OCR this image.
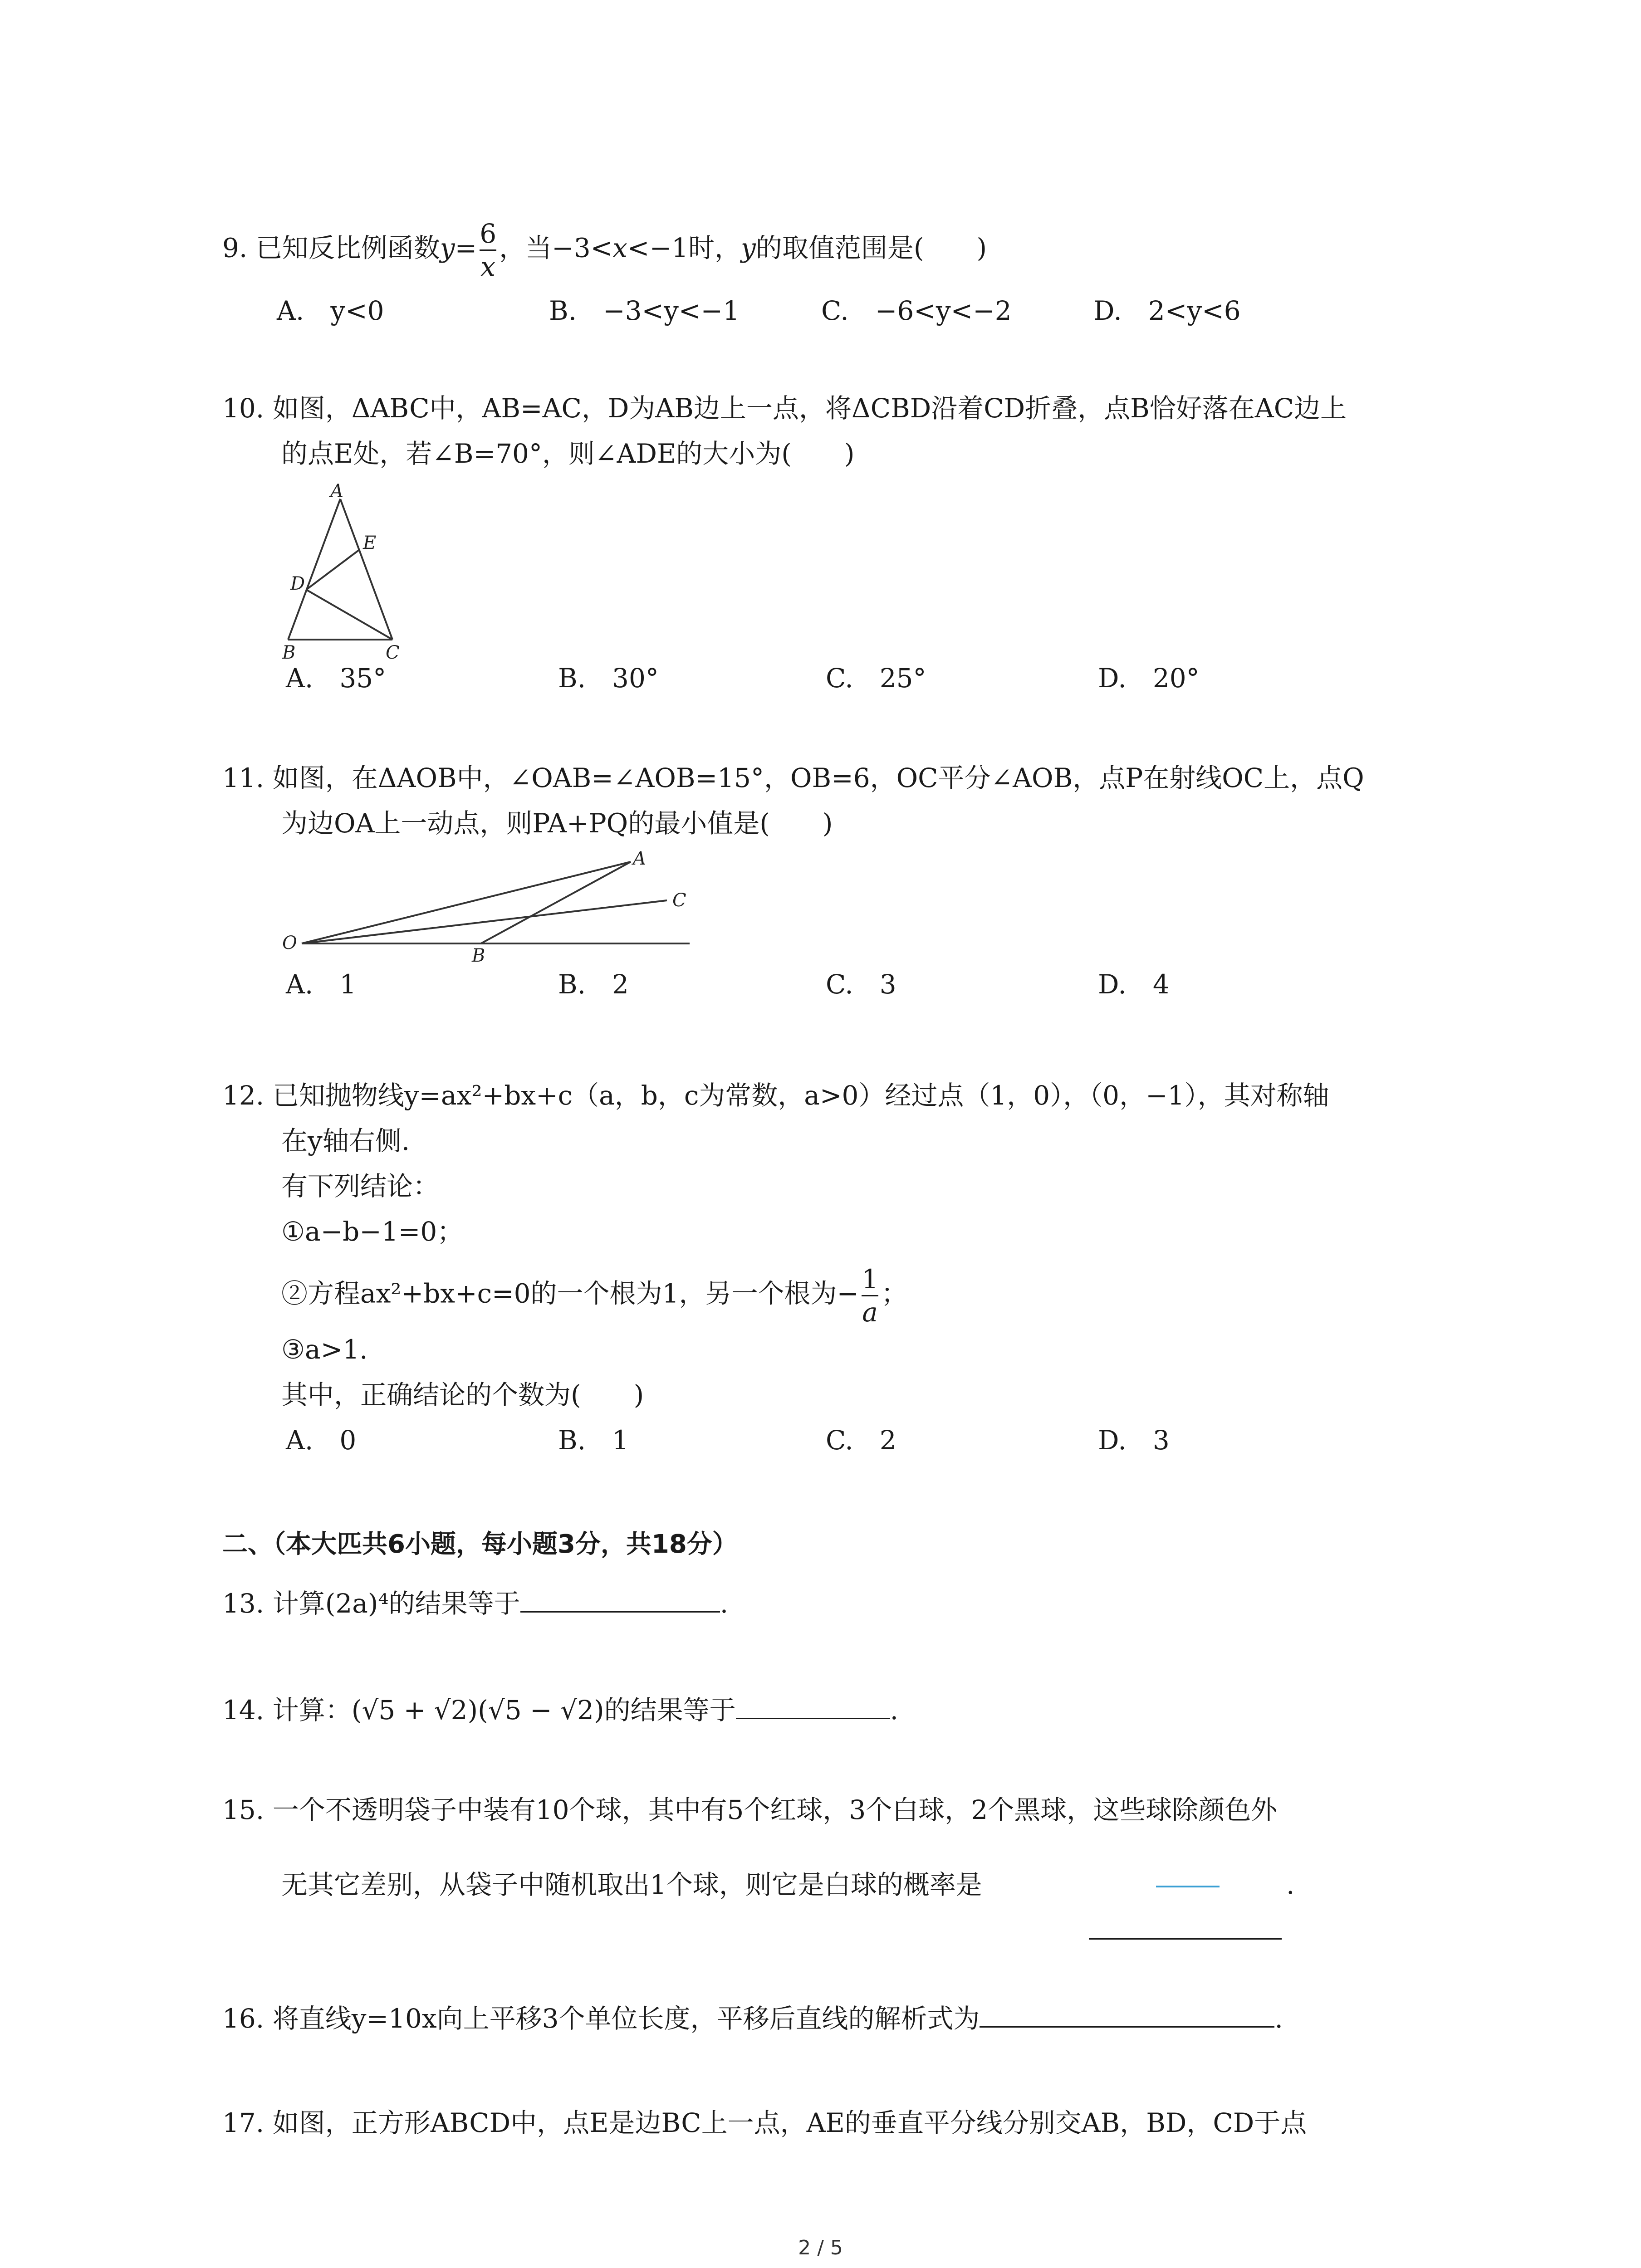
9. 已知反比例函数$y= \frac{6}{x}$ ，当−3<x<−1时，y的取值范围是(　　)
A.　y<0	B.　−3<y<−1	C.　−6<y<−2	D.　2<y<6
10. 如图，ΔABC中，AB=AC，D为AB边上一点，将ΔCBD沿着CD折叠，点B恰好落在AC边上
的点E处，若∠B=70°，则∠ADE的大小为(　　)
A
E
D
B	C
A.　35°	B.　30°	C.　25°	D.　20°
11. 如图，在ΔAOB中，∠OAB=∠AOB=15°，OB=6，OC平分∠AOB，点P在射线OC上，点Q
为边OA上一动点，则PA+PQ的最小值是(　　)
O
A
C
B
A.　1	B.　2	C.　3	D.　4
12. 已知抛物线y=ax²+bx+c（a，b，c为常数，a>0）经过点（1，0），（0，−1），其对称轴
在y轴右侧.
有下列结论：
①a−b−1=0；
②方程ax²+bx+c=0的一个根为1，另一个根为− $\frac{1}{a}$ ；
③a>1.
其中，正确结论的个数为(　　)
A.　0	B.　1	C.　2	D.　3
二、（本大匹共6小题，每小题3分，共18分）
13. 计算(2a)⁴的结果等于	.
14. 计算：(√5 + √2)(√5 − √2)的结果等于	.
15. 一个不透明袋子中装有10个球，其中有5个红球，3个白球，2个黑球，这些球除颜色外
无其它差别，从袋子中随机取出1个球，则它是白球的概率是	.
16. 将直线y=10x向上平移3个单位长度，平移后直线的解析式为	.
17. 如图，正方形ABCD中，点E是边BC上一点，AE的垂直平分线分别交AB，BD，CD于点
2 / 5
